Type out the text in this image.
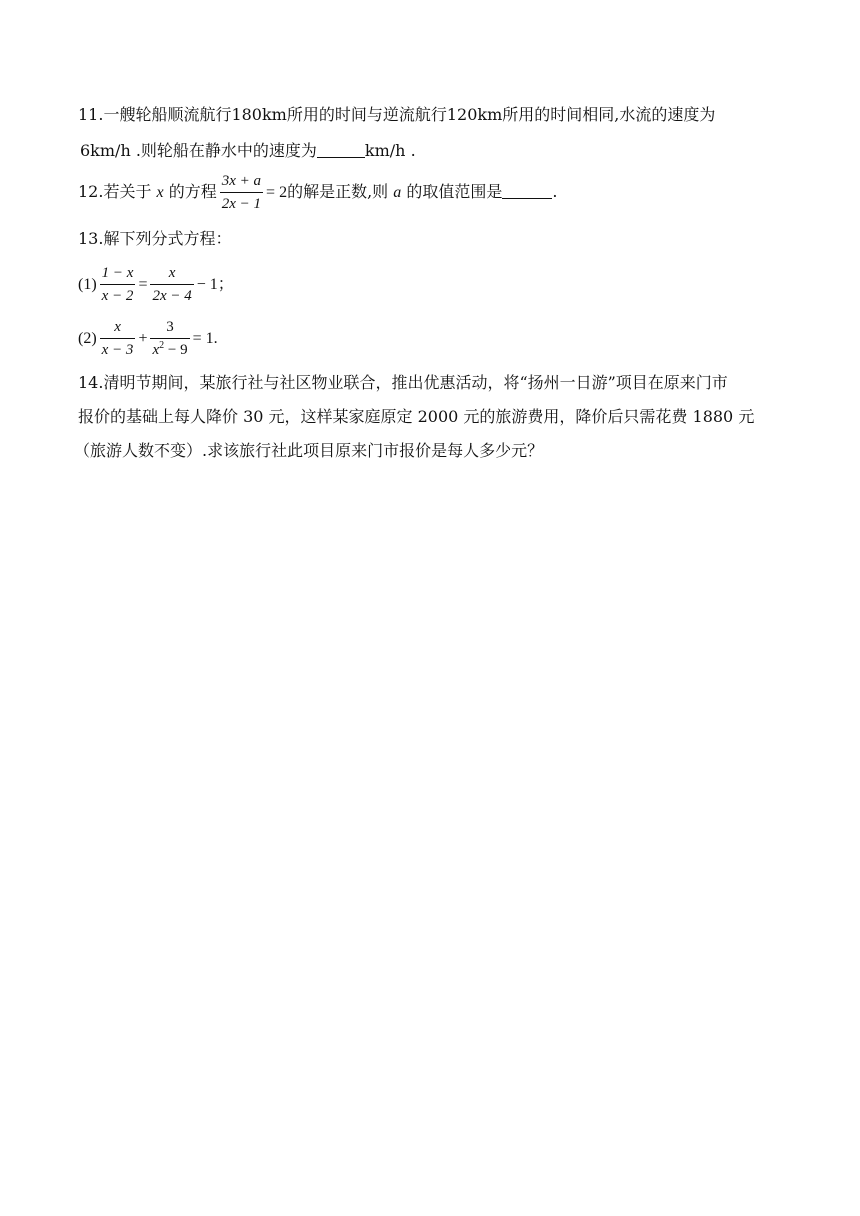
11.一艘轮船顺流航行180km所用的时间与逆流航行120km所用的时间相同,水流的速度为
6km/h .则轮船在静水中的速度为	km/h .
12.若关于 x 的方程 $\frac{3x + a}{2x - 1} = 2$的解是正数,则 a 的取值范围是	.
13.解下列分式方程：
$(1) \frac{1 - x}{x - 2} = \frac{x}{2x - 4} - 1$；
$(2) \frac{x}{x - 3} + \frac{3}{x^2 - 9} = 1$.
14.清明节期间，某旅行社与社区物业联合，推出优惠活动，将“扬州一日游”项目在原来门市
报价的基础上每人降价 30 元，这样某家庭原定 2000 元的旅游费用，降价后只需花费 1880 元
（旅游人数不变）.求该旅行社此项目原来门市报价是每人多少元？
